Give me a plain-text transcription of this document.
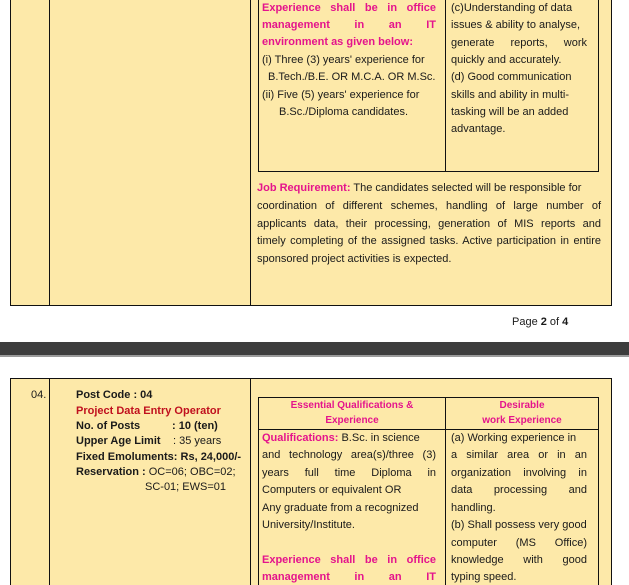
Experience shall be in office
management in an IT
environment as given below:
(i) Three (3) years' experience for
B.Tech./B.E. OR M.C.A. OR M.Sc.
(ii) Five (5) years' experience for
B.Sc./Diploma candidates.
(c)Understanding of data
issues & ability to analyse,
generate reports, work
quickly and accurately.
(d) Good communication
skills and ability in multi-
tasking will be an added
advantage.
Job Requirement: The candidates selected will be responsible for
coordination of different schemes, handling of large number of
applicants data, their processing, generation of MIS reports and
timely completing of the assigned tasks. Active participation in entire
sponsored project activities is expected.
Page 2 of 4
04.	Post Code : 04
Project Data Entry Operator
No. of Posts	: 10 (ten)
Upper Age Limit : 35 years
Fixed Emoluments: Rs, 24,000/-
Reservation : OC=06; OBC=02;
SC-01; EWS=01
Essential Qualifications &
Experience
Desirable
work Experience
Qualifications: B.Sc. in science
and technology area(s)/three (3)
years full time Diploma in
Computers or equivalent OR
Any graduate from a recognized
University/Institute.
Experience shall be in office
management in an IT
(a) Working experience in
a similar area or in an
organization involving in
data processing and
handling.
(b) Shall possess very good
computer (MS Office)
knowledge with good
typing speed.
